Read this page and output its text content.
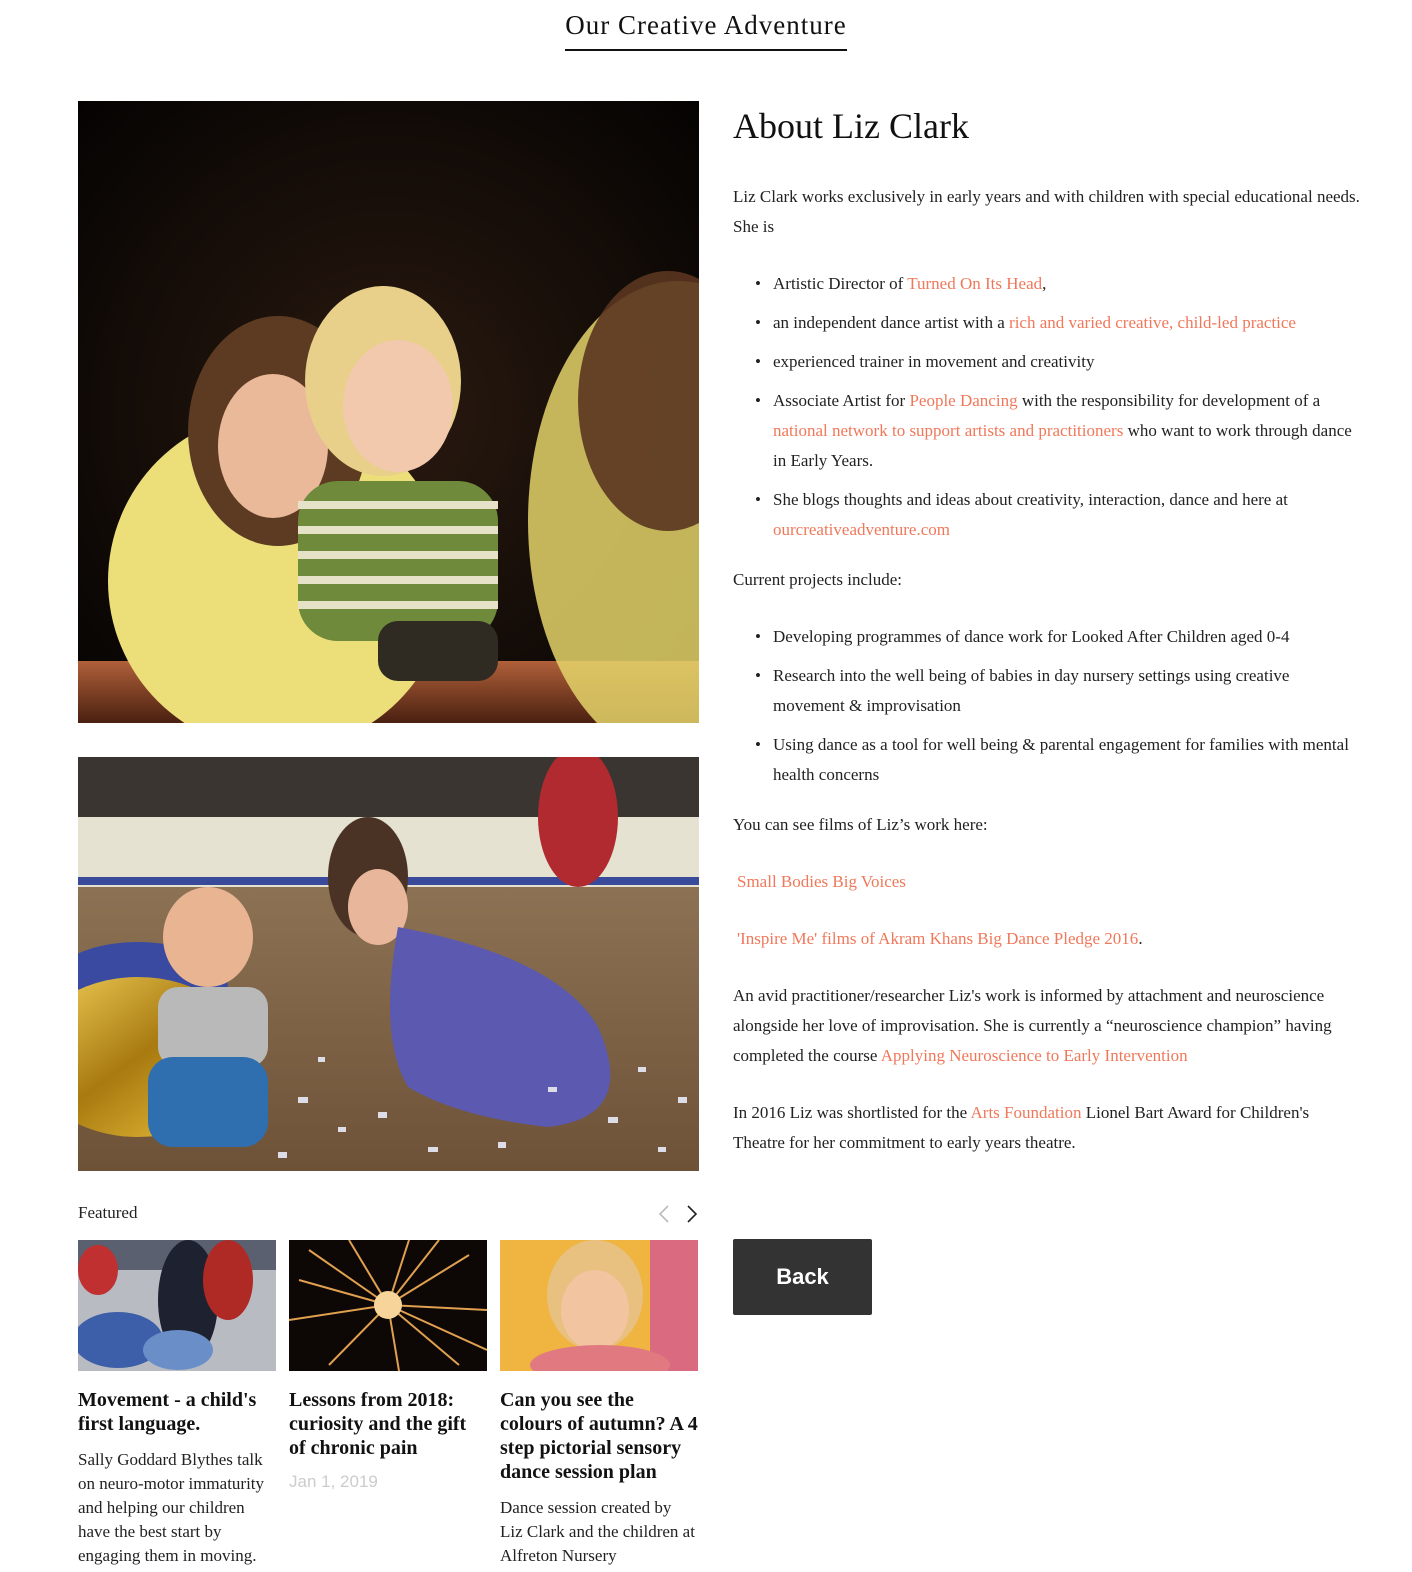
Our Creative Adventure
About Liz Clark

Liz Clark works exclusively in early years and with children with special educational needs. She is

• Artistic Director of Turned On Its Head,
• an independent dance artist with a rich and varied creative, child-led practice
• experienced trainer in movement and creativity
• Associate Artist for People Dancing with the responsibility for development of a national network to support artists and practitioners who want to work through dance in Early Years.
• She blogs thoughts and ideas about creativity, interaction, dance and here at ourcreativeadventure.com

Current projects include:

• Developing programmes of dance work for Looked After Children aged 0-4
• Research into the well being of babies in day nursery settings using creative movement & improvisation
• Using dance as a tool for well being & parental engagement for families with mental health concerns

You can see films of Liz’s work here:

Small Bodies Big Voices

'Inspire Me' films of Akram Khans Big Dance Pledge 2016.

An avid practitioner/researcher Liz's work is informed by attachment and neuroscience alongside her love of improvisation. She is currently a “neuroscience champion” having completed the course Applying Neuroscience to Early Intervention

In 2016 Liz was shortlisted for the Arts Foundation Lionel Bart Award for Children's Theatre for her commitment to early years theatre.

Back
Featured
Movement - a child's first language.

Sally Goddard Blythes talk on neuro-motor immaturity and helping our children have the best start by engaging them in moving.

Lessons from 2018: curiosity and the gift of chronic pain

Jan 1, 2019

Can you see the colours of autumn? A 4 step pictorial sensory dance session plan

Dance session created by Liz Clark and the children at Alfreton Nursery
